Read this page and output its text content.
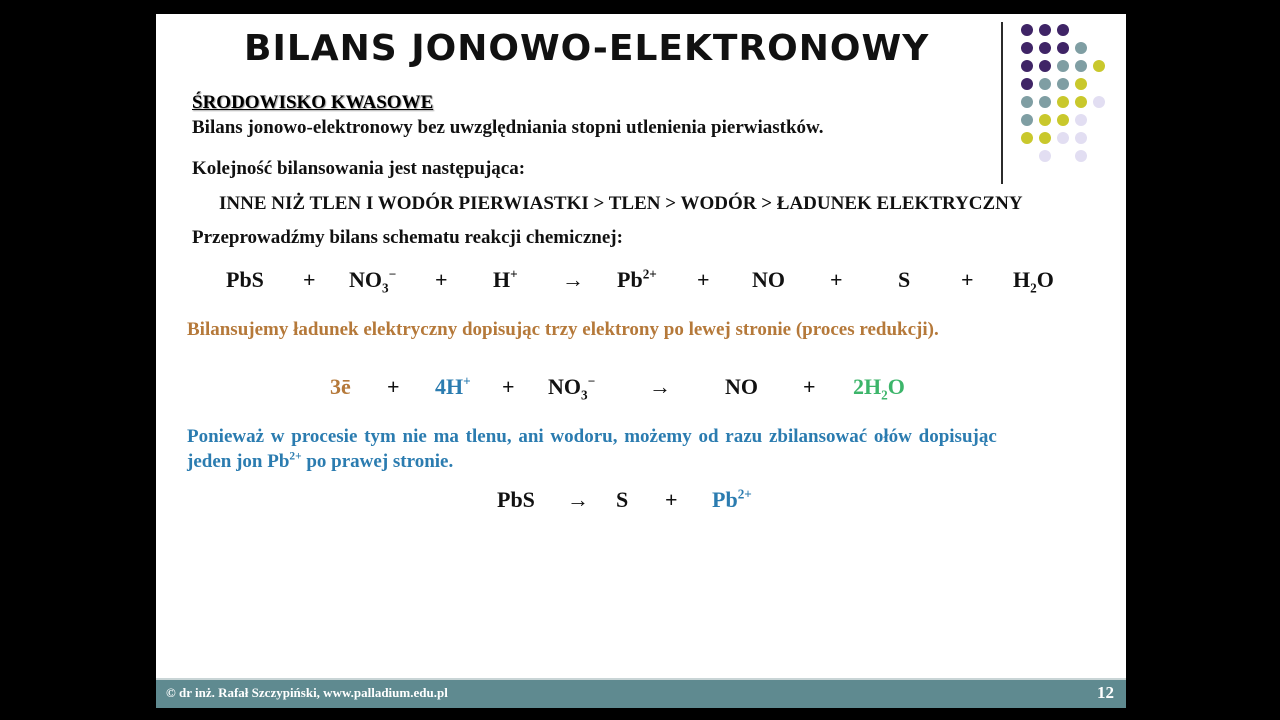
BILANS JONOWO-ELEKTRONOWY
ŚRODOWISKO KWASOWE
Bilans jonowo-elektronowy bez uwzględniania stopni utlenienia pierwiastków.
Kolejność bilansowania jest następująca:
INNE NIŻ TLEN I WODÓR PIERWIASTKI > TLEN > WODÓR > ŁADUNEK ELEKTRYCZNY
Przeprowadźmy bilans schematu reakcji chemicznej:
PbS + $NO_3^- + H^+ \to Pb^{2+}$ + NO +	$S + H_2O$
Bilansujemy ładunek elektryczny dopisując trzy elektrony po lewej stronie (proces redukcji).
3ē + $4H^+ + NO_3^-$ → NO + $2H_2O$
Ponieważ w procesie tym nie ma tlenu, ani wodoru, możemy od razu zbilansować ołów dopisując
jeden jon $Pb^{2+}$ po prawej stronie.
PbS → $S + Pb^{2+}$
© dr inż. Rafał Szczypiński, www.palladium.edu.pl	12
